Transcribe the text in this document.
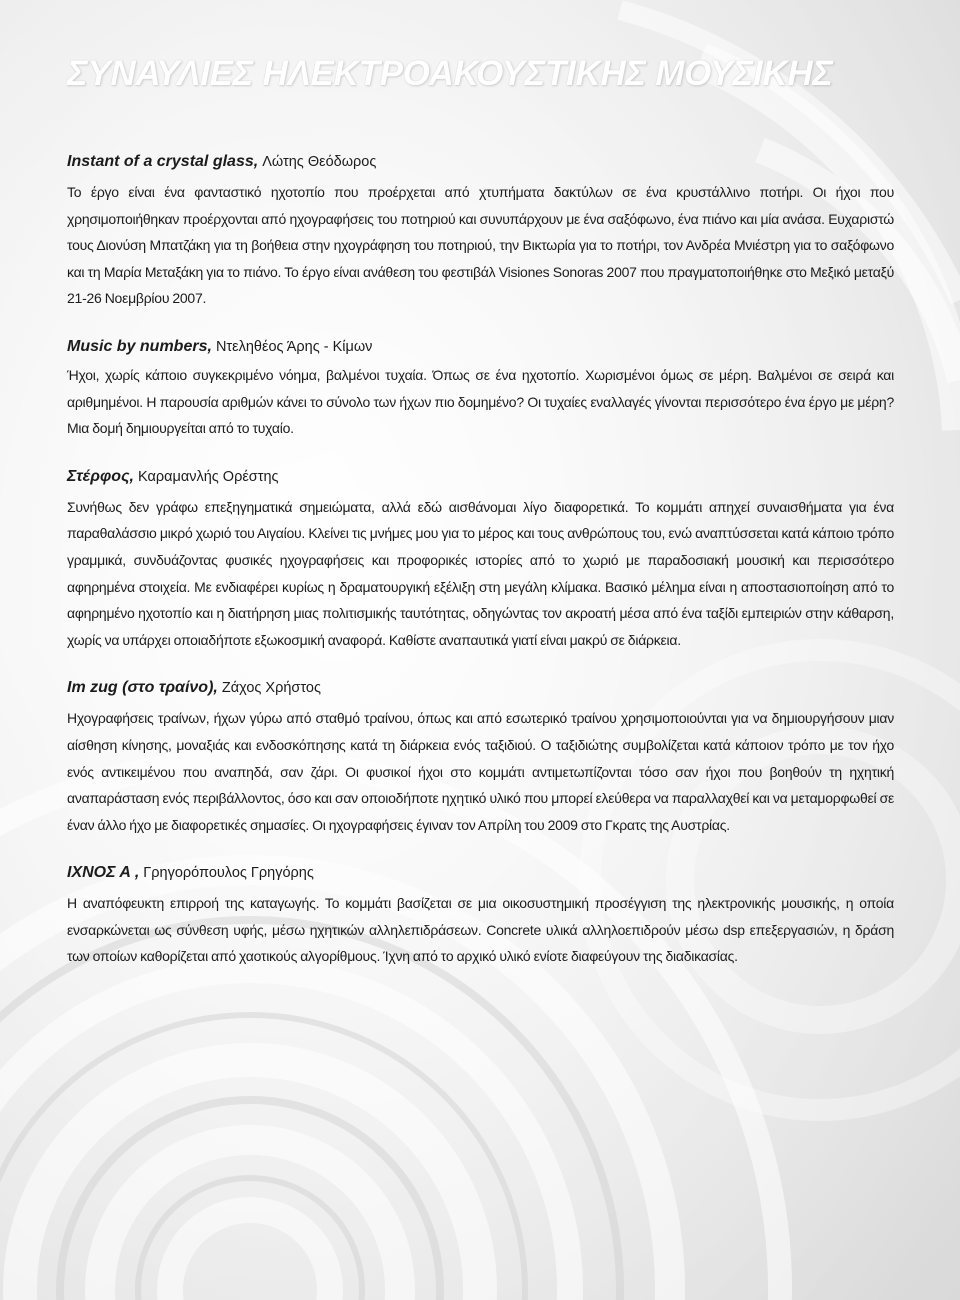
ΣΥΝΑΥΛΙΕΣ ΗΛΕΚΤΡΟΑΚΟΥΣΤΙΚΗΣ ΜΟΥΣΙΚΗΣ

Instant of a crystal glass, Λώτης Θεόδωρος

Το έργο είναι ένα φανταστικό ηχοτοπίο που προέρχεται από χτυπήματα δακτύλων σε ένα κρυστάλλινο ποτήρι. Οι ήχοι που χρησιμοποιήθηκαν προέρχονται από ηχογραφήσεις του ποτηριού και συνυπάρχουν με ένα σαξόφωνο, ένα πιάνο και μία ανάσα. Ευχαριστώ τους Διονύση Μπατζάκη για τη βοήθεια στην ηχογράφηση του ποτηριού, την Βικτωρία για το ποτήρι, τον Ανδρέα Μνιέστρη για το σαξόφωνο και τη Μαρία Μεταξάκη για το πιάνο. Το έργο είναι ανάθεση του φεστιβάλ Visiones Sonoras 2007 που πραγματοποιήθηκε στο Μεξικό μεταξύ 21-26 Νοεμβρίου 2007.

Music by numbers, Ντεληθέος Άρης - Κίμων

Ήχοι, χωρίς κάποιο συγκεκριμένο νόημα, βαλμένοι τυχαία. Όπως σε ένα ηχοτοπίο. Χωρισμένοι όμως σε μέρη. Βαλμένοι σε σειρά και αριθμημένοι. Η παρουσία αριθμών κάνει το σύνολο των ήχων πιο δομημένο? Οι τυχαίες εναλλαγές γίνονται περισσότερο ένα έργο με μέρη? Μια δομή δημιουργείται από το τυχαίο.

Στέρφος, Καραμανλής Ορέστης

Συνήθως δεν γράφω επεξηγηματικά σημειώματα, αλλά εδώ αισθάνομαι λίγο διαφορετικά. Το κομμάτι απηχεί συναισθήματα για ένα παραθαλάσσιο μικρό χωριό του Αιγαίου. Κλείνει τις μνήμες μου για το μέρος και τους ανθρώπους του, ενώ αναπτύσσεται κατά κάποιο τρόπο γραμμικά, συνδυάζοντας φυσικές ηχογραφήσεις και προφορικές ιστορίες από το χωριό με παραδοσιακή μουσική και περισσότερο αφηρημένα στοιχεία. Με ενδιαφέρει κυρίως η δραματουργική εξέλιξη στη μεγάλη κλίμακα. Βασικό μέλημα είναι η αποστασιοποίηση από το αφηρημένο ηχοτοπίο και η διατήρηση μιας πολιτισμικής ταυτότητας, οδηγώντας τον ακροατή μέσα από ένα ταξίδι εμπειριών στην κάθαρση, χωρίς να υπάρχει οποιαδήποτε εξωκοσμική αναφορά. Καθίστε αναπαυτικά γιατί είναι μακρύ σε διάρκεια.

Im zug (στο τραίνο), Ζάχος Χρήστος

Ηχογραφήσεις τραίνων, ήχων γύρω από σταθμό τραίνου, όπως και από εσωτερικό τραίνου χρησιμοποιούνται για να δημιουργήσουν μιαν αίσθηση κίνησης, μοναξιάς και ενδοσκόπησης κατά τη διάρκεια ενός ταξιδιού. Ο ταξιδιώτης συμβολίζεται κατά κάποιον τρόπο με τον ήχο ενός αντικειμένου που αναπηδά, σαν ζάρι. Οι φυσικοί ήχοι στο κομμάτι αντιμετωπίζονται τόσο σαν ήχοι που βοηθούν τη ηχητική αναπαράσταση ενός περιβάλλοντος, όσο και σαν οποιοδήποτε ηχητικό υλικό που μπορεί ελεύθερα να παραλλαχθεί και να μεταμορφωθεί σε έναν άλλο ήχο με διαφορετικές σημασίες. Οι ηχογραφήσεις έγιναν τον Απρίλη του 2009 στο Γκρατς της Αυστρίας.

ΙΧΝΟΣ Α , Γρηγορόπουλος Γρηγόρης

Η αναπόφευκτη επιρροή της καταγωγής. Το κομμάτι βασίζεται σε μια οικοσυστημική προσέγγιση της ηλεκτρονικής μουσικής, η οποία ενσαρκώνεται ως σύνθεση υφής, μέσω ηχητικών αλληλεπιδράσεων. Concrete υλικά αλληλοεπιδρούν μέσω dsp επεξεργασιών, η δράση των οποίων καθορίζεται από χαοτικούς αλγορίθμους. Ίχνη από το αρχικό υλικό ενίοτε διαφεύγουν της διαδικασίας.
